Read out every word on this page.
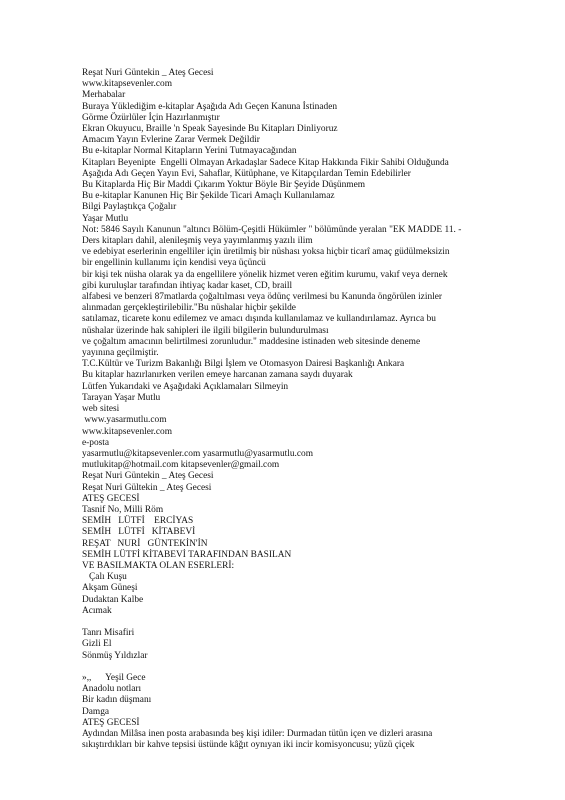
Reşat Nuri Güntekin _ Ateş Gecesi
www.kitapsevenler.com
Merhabalar
Buraya Yüklediğim e-kitaplar Aşağıda Adı Geçen Kanuna İstinaden
Görme Özürlüler İçin Hazırlanmıştır
Ekran Okuyucu, Braille 'n Speak Sayesinde Bu Kitapları Dinliyoruz
Amacım Yayın Evlerine Zarar Vermek Değildir
Bu e-kitaplar Normal Kitapların Yerini Tutmayacağından
Kitapları Beyenipte  Engelli Olmayan Arkadaşlar Sadece Kitap Hakkında Fikir Sahibi Olduğunda
Aşağıda Adı Geçen Yayın Evi, Sahaflar, Kütüphane, ve Kitapçılardan Temin Edebilirler
Bu Kitaplarda Hiç Bir Maddi Çıkarım Yoktur Böyle Bir Şeyide Düşünmem
Bu e-kitaplar Kanunen Hiç Bir Şekilde Ticari Amaçlı Kullanılamaz
Bilgi Paylaştıkça Çoğalır
Yaşar Mutlu
Not: 5846 Sayılı Kanunun "altıncı Bölüm-Çeşitli Hükümler " bölümünde yeralan "EK MADDE 11. -
Ders kitapları dahil, alenileşmiş veya yayımlanmış yazılı ilim
ve edebiyat eserlerinin engelliler için üretilmiş bir nüshası yoksa hiçbir ticarî amaç güdülmeksizin
bir engellinin kullanımı için kendisi veya üçüncü
bir kişi tek nüsha olarak ya da engellilere yönelik hizmet veren eğitim kurumu, vakıf veya dernek
gibi kuruluşlar tarafından ihtiyaç kadar kaset, CD, braill
alfabesi ve benzeri 87matlarda çoğaltılması veya ödünç verilmesi bu Kanunda öngörülen izinler
alınmadan gerçekleştirilebilir."Bu nüshalar hiçbir şekilde
satılamaz, ticarete konu edilemez ve amacı dışında kullanılamaz ve kullandırılamaz. Ayrıca bu
nüshalar üzerinde hak sahipleri ile ilgili bilgilerin bulundurulması
ve çoğaltım amacının belirtilmesi zorunludur." maddesine istinaden web sitesinde deneme
yayınına geçilmiştir.
T.C.Kültür ve Turizm Bakanlığı Bilgi İşlem ve Otomasyon Dairesi Başkanlığı Ankara
Bu kitaplar hazırlanırken verilen emeye harcanan zamana saydı duyarak
Lütfen Yukarıdaki ve Aşağıdaki Açıklamaları Silmeyin
Tarayan Yaşar Mutlu
web sitesi
www.yasarmutlu.com
www.kitapsevenler.com
e-posta
yasarmutlu@kitapsevenler.com yasarmutlu@yasarmutlu.com
mutlukitap@hotmail.com kitapsevenler@gmail.com
Reşat Nuri Güntekin _ Ateş Gecesi
Reşat Nuri Gültekin _ Ateş Gecesi
ATEŞ GECESİ
Tasnif No, Milli Röm
SEMİH   LÜTFİ    ERCİYAS
SEMİH   LÜTFİ   KİTABEVİ
REŞAT   NURİ   GÜNTEKİN'İN
SEMİH LÜTFİ KİTABEVİ TARAFINDAN BASILAN
VE BASILMAKTA OLAN ESERLERİ:
Çalı Kuşu
Akşam Güneşi
Dudaktan Kalbe
Acımak
Tanrı Misafiri
Gizli El
Sönmüş Yıldızlar
»,,      Yeşil Gece
Anadolu notları
Bir kadın düşmanı
Damga
ATEŞ GECESİ
Aydından Milâsa inen posta arabasında beş kişi idiler: Durmadan tütün içen ve dizleri arasına
sıkıştırdıkları bir kahve tepsisi üstünde kâğıt oynıyan iki incir komisyoncusu; yüzü çiçek
